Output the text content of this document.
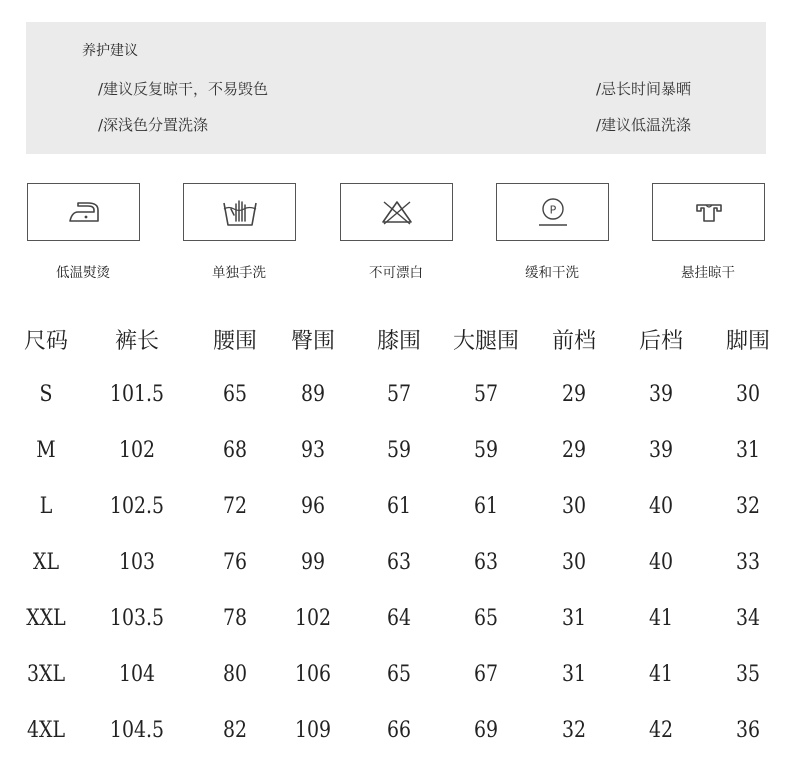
养护建议
/建议反复晾干，不易毁色
/深浅色分置洗涤
/忌长时间暴晒
/建议低温洗涤
P
低温熨烫	单独手洗	不可漂白	缓和干洗	悬挂晾干
尺码	裤长	腰围	臀围	膝围	大腿围	前档	后档	脚围
S	101.5	65	89	57	57	29	39	30
M	102	68	93	59	59	29	39	31
L	102.5	72	96	61	61	30	40	32
XL	103	76	99	63	63	30	40	33
XXL	103.5	78	102	64	65	31	41	34
3XL	104	80	106	65	67	31	41	35
4XL	104.5	82	109	66	69	32	42	36
